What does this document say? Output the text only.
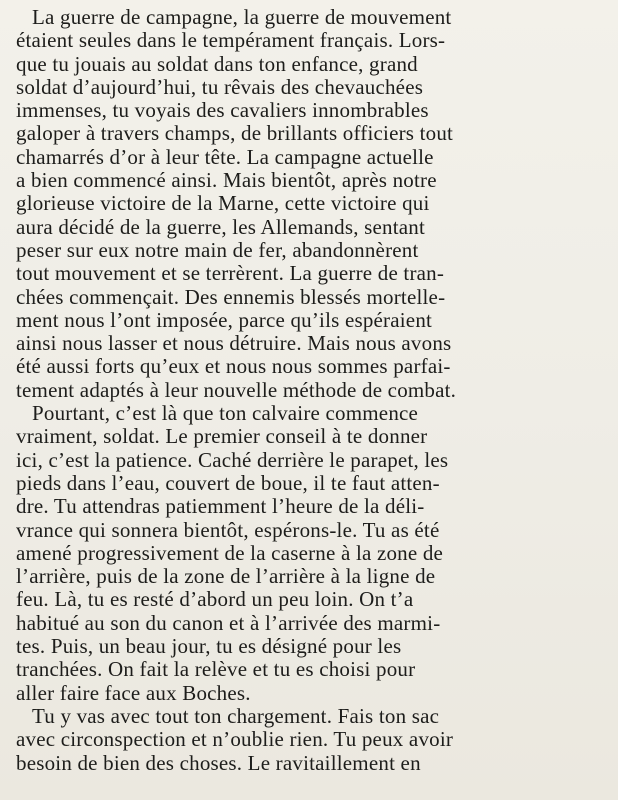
La guerre de campagne, la guerre de mouvement
étaient seules dans le tempérament français. Lors-
que tu jouais au soldat dans ton enfance, grand
soldat d’aujourd’hui, tu rêvais des chevauchées
immenses, tu voyais des cavaliers innombrables
galoper à travers champs, de brillants officiers tout
chamarrés d’or à leur tête. La campagne actuelle
a bien commencé ainsi. Mais bientôt, après notre
glorieuse victoire de la Marne, cette victoire qui
aura décidé de la guerre, les Allemands, sentant
peser sur eux notre main de fer, abandonnèrent
tout mouvement et se terrèrent. La guerre de tran-
chées commençait. Des ennemis blessés mortelle-
ment nous l’ont imposée, parce qu’ils espéraient
ainsi nous lasser et nous détruire. Mais nous avons
été aussi forts qu’eux et nous nous sommes parfai-
tement adaptés à leur nouvelle méthode de combat.
Pourtant, c’est là que ton calvaire commence
vraiment, soldat. Le premier conseil à te donner
ici, c’est la patience. Caché derrière le parapet, les
pieds dans l’eau, couvert de boue, il te faut atten-
dre. Tu attendras patiemment l’heure de la déli-
vrance qui sonnera bientôt, espérons-le. Tu as été
amené progressivement de la caserne à la zone de
l’arrière, puis de la zone de l’arrière à la ligne de
feu. Là, tu es resté d’abord un peu loin. On t’a
habitué au son du canon et à l’arrivée des marmi-
tes. Puis, un beau jour, tu es désigné pour les
tranchées. On fait la relève et tu es choisi pour
aller faire face aux Boches.
Tu y vas avec tout ton chargement. Fais ton sac
avec circonspection et n’oublie rien. Tu peux avoir
besoin de bien des choses. Le ravitaillement en
